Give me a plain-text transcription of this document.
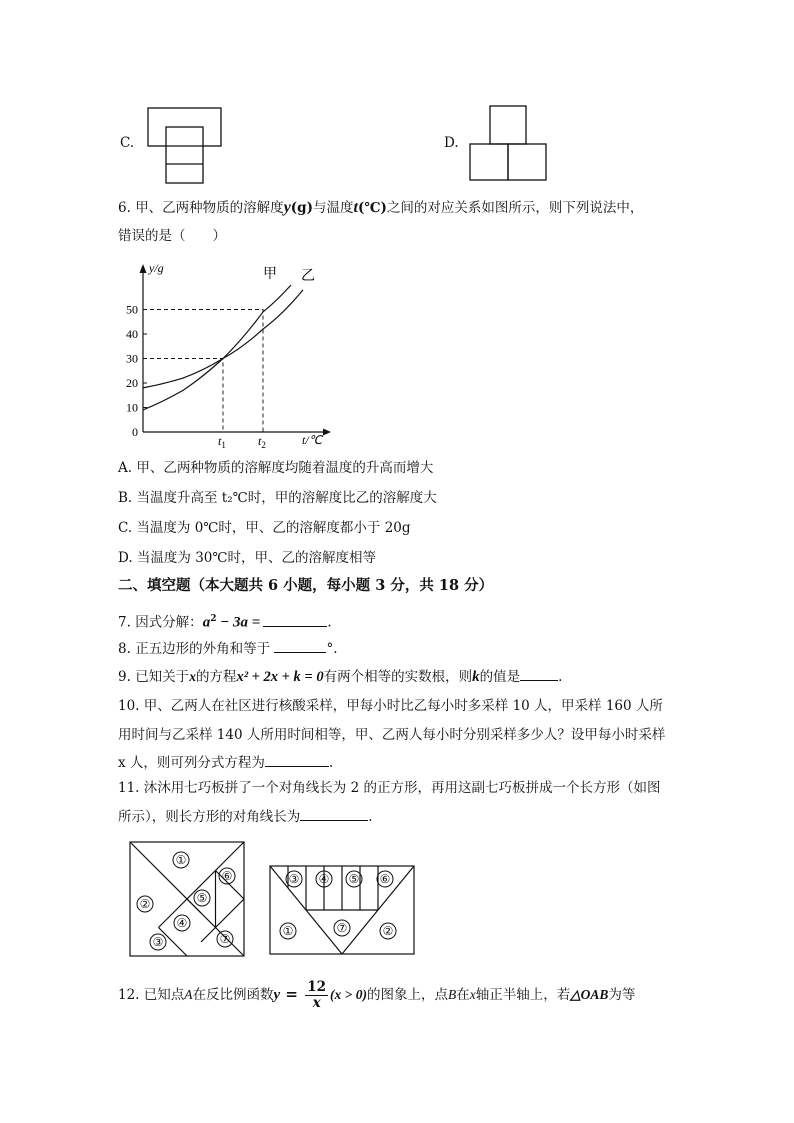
C.	D.
6. 甲、乙两种物质的溶解度y(g)与温度t(℃)之间的对应关系如图所示，则下列说法中，
错误的是（　　）
y/g
t/℃
0
10
20
30
40
50
甲 乙
$t_1$	$t_2$
A. 甲、乙两种物质的溶解度均随着温度的升高而增大
B. 当温度升高至 t₂℃时，甲的溶解度比乙的溶解度大
C. 当温度为 0℃时，甲、乙的溶解度都小于 20g
D. 当温度为 30℃时，甲、乙的溶解度相等
二、填空题（本大题共 6 小题，每小题 3 分，共 18 分）
7. 因式分解：$a^2 - 3a$ =	.
8. 正五边形的外角和等于	°.
9. 已知关于x的方程x² + 2x + k = 0有两个相等的实数根，则k的值是	.
10. 甲、乙两人在社区进行核酸采样，甲每小时比乙每小时多采样 10 人，甲采样 160 人所
用时间与乙采样 140 人所用时间相等，甲、乙两人每小时分别采样多少人？设甲每小时采样
x 人，则可列分式方程为	.
11. 沐沐用七巧板拼了一个对角线长为 2 的正方形，再用这副七巧板拼成一个长方形（如图
所示），则长方形的对角线长为	.
①
②
③
④
⑤
⑥
⑦
③ ④ ⑤ ⑥
①	⑦	②
12. 已知点A在反比例函数$y = \frac{12}{x} (x > 0)$的图象上，点B在x轴正半轴上，若△OAB为等
